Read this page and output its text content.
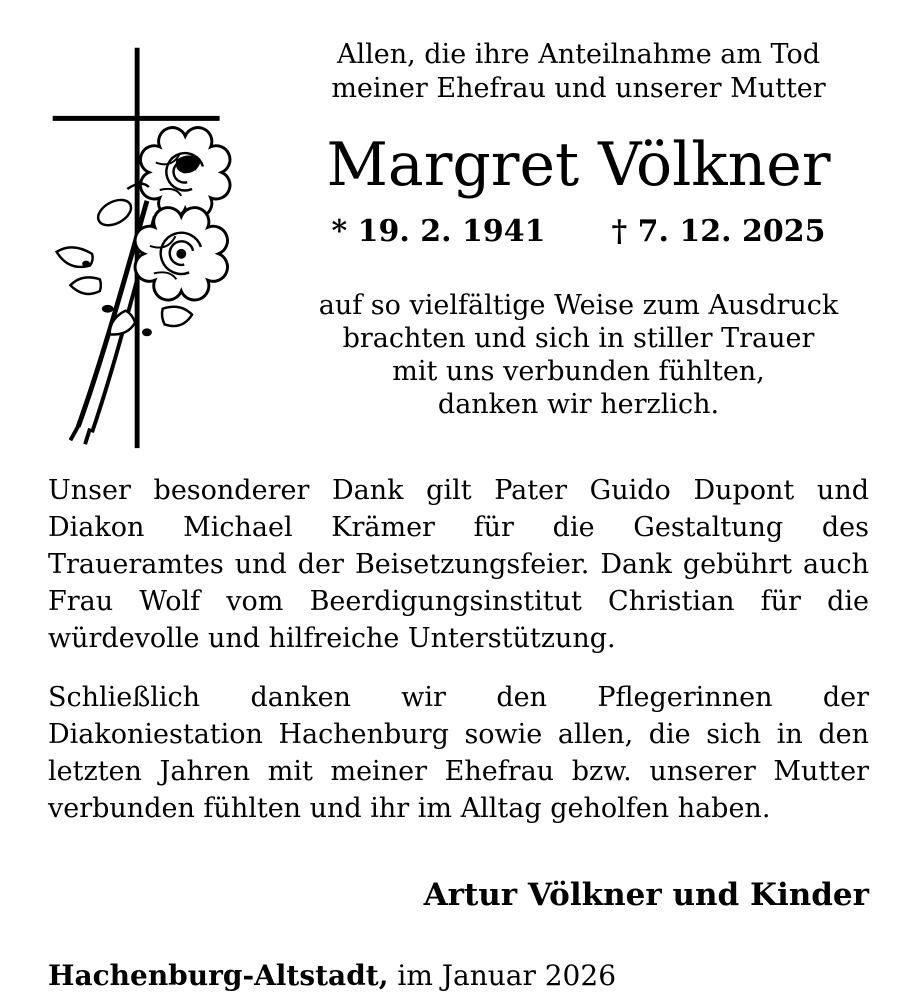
Allen, die ihre Anteilnahme am Tod
meiner Ehefrau und unserer Mutter
Margret Völkner
* 19. 2. 1941 † 7. 12. 2025
auf so vielfältige Weise zum Ausdruck
brachten und sich in stiller Trauer
mit uns verbunden fühlten,
danken wir herzlich.

Unser besonderer Dank gilt Pater Guido Dupont und Diakon Michael Krämer für die Gestaltung des Traueramtes und der Beisetzungsfeier. Dank gebührt auch Frau Wolf vom Beerdigungsinstitut Christian für die würdevolle und hilfreiche Unterstützung.

Schließlich danken wir den Pflegerinnen der Diakoniestation Hachenburg sowie allen, die sich in den letzten Jahren mit meiner Ehefrau bzw. unserer Mutter verbunden fühlten und ihr im Alltag geholfen haben.

Artur Völkner und Kinder
Hachenburg-Altstadt, im Januar 2026
